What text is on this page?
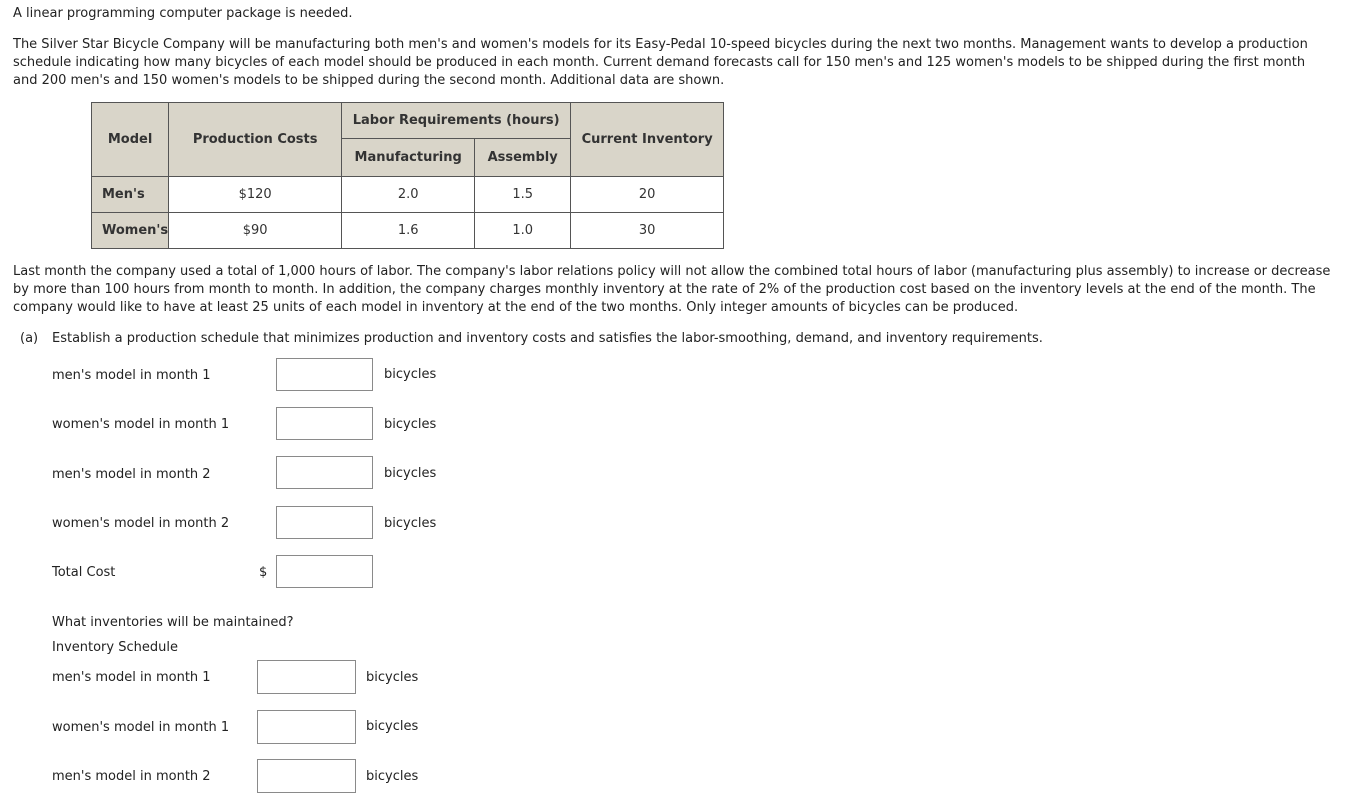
A linear programming computer package is needed.

The Silver Star Bicycle Company will be manufacturing both men's and women's models for its Easy-Pedal 10-speed bicycles during the next two months. Management wants to develop a production schedule indicating how many bicycles of each model should be produced in each month. Current demand forecasts call for 150 men's and 125 women's models to be shipped during the first month and 200 men's and 150 women's models to be shipped during the second month. Additional data are shown.

Model	Production Costs	Labor Requirements (hours)		Current Inventory
		Manufacturing	Assembly	
Men's	$120	2.0	1.5	20
Women's	$90	1.6	1.0	30

Last month the company used a total of 1,000 hours of labor. The company's labor relations policy will not allow the combined total hours of labor (manufacturing plus assembly) to increase or decrease by more than 100 hours from month to month. In addition, the company charges monthly inventory at the rate of 2% of the production cost based on the inventory levels at the end of the month. The company would like to have at least 25 units of each model in inventory at the end of the two months. Only integer amounts of bicycles can be produced.

(a) Establish a production schedule that minimizes production and inventory costs and satisfies the labor-smoothing, demand, and inventory requirements.
men's model in month 1	bicycles
women's model in month 1	bicycles
men's model in month 2	bicycles
women's model in month 2	bicycles
Total Cost	$
What inventories will be maintained?
Inventory Schedule
men's model in month 1	bicycles
women's model in month 1	bicycles
men's model in month 2	bicycles
